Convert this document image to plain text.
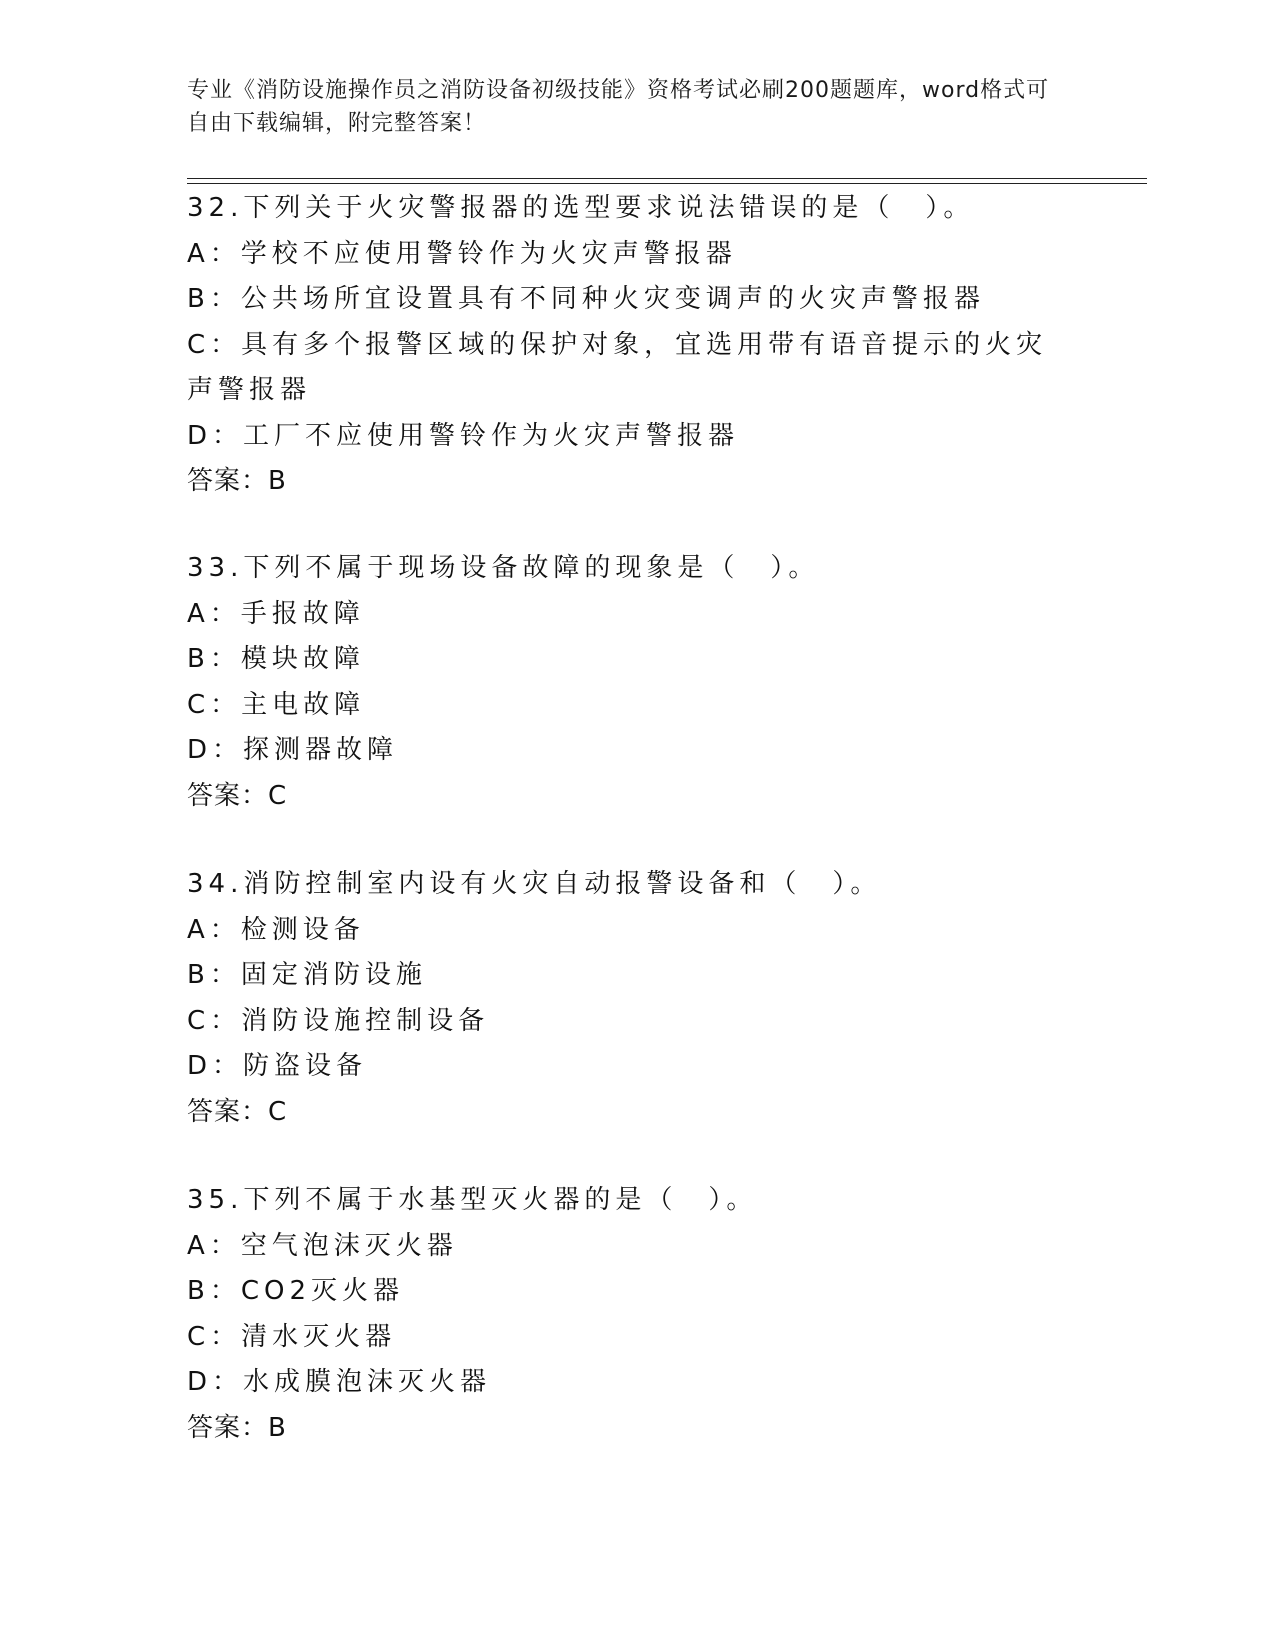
专业《消防设施操作员之消防设备初级技能》资格考试必刷200题题库，word格式可自由下载编辑，附完整答案！

32.下列关于火灾警报器的选型要求说法错误的是（　）。
A：学校不应使用警铃作为火灾声警报器
B：公共场所宜设置具有不同种火灾变调声的火灾声警报器
C：具有多个报警区域的保护对象，宜选用带有语音提示的火灾声警报器
D：工厂不应使用警铃作为火灾声警报器
答案：B
33.下列不属于现场设备故障的现象是（　）。
A：手报故障
B：模块故障
C：主电故障
D：探测器故障
答案：C
34.消防控制室内设有火灾自动报警设备和（　）。
A：检测设备
B：固定消防设施
C：消防设施控制设备
D：防盗设备
答案：C
35.下列不属于水基型灭火器的是（　）。
A：空气泡沫灭火器
B：CO2灭火器
C：清水灭火器
D：水成膜泡沫灭火器
答案：B
